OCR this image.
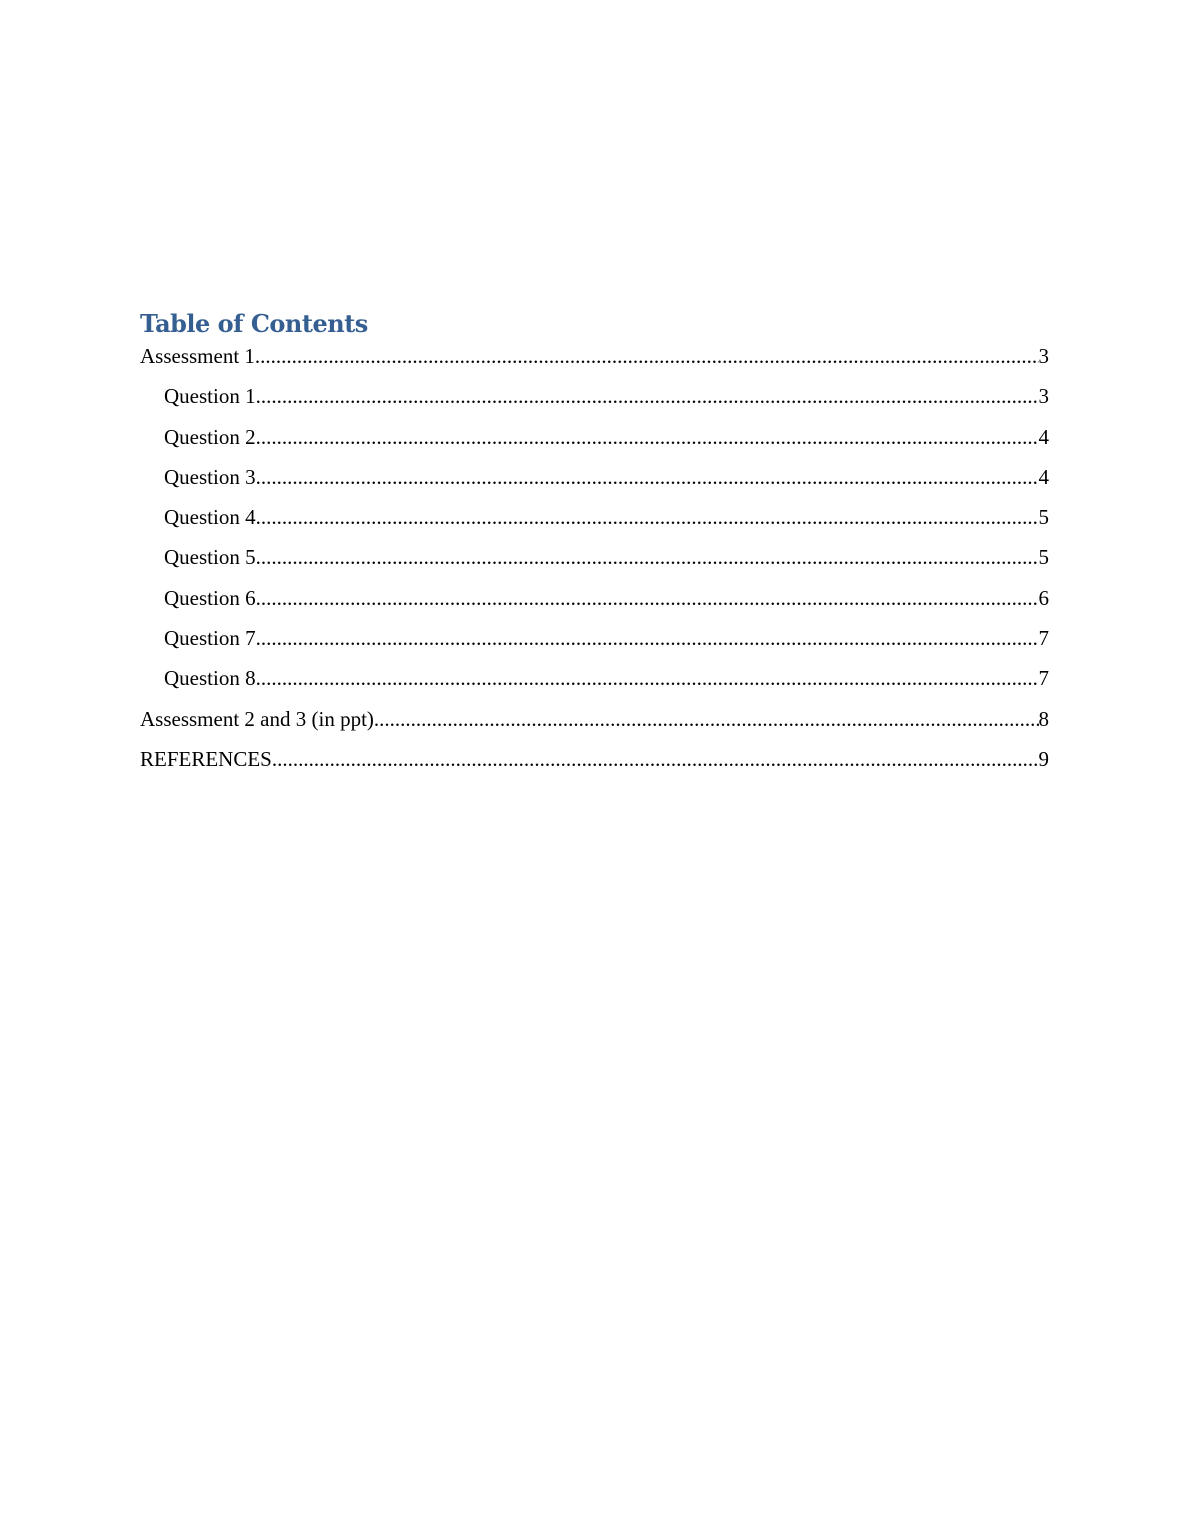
Table of Contents
Assessment 1 .....	3
Question 1 .....	3
Question 2 .....	4
Question 3 .....	4
Question 4 .....	5
Question 5 .....	5
Question 6 .....	6
Question 7 .....	7
Question 8 .....	7
Assessment 2 and 3 (in ppt) .....	8
REFERENCES .....	9
